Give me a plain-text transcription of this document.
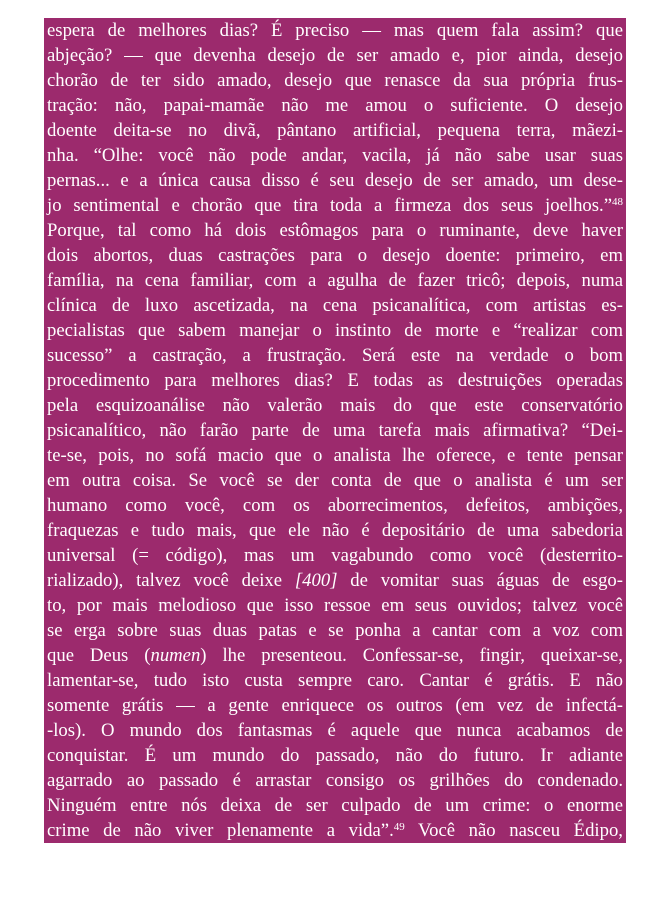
espera de melhores dias? É preciso — mas quem fala assim? que
abjeção? — que devenha desejo de ser amado e, pior ainda, desejo
chorão de ter sido amado, desejo que renasce da sua própria frus-
tração: não, papai-mamãe não me amou o suficiente. O desejo
doente deita-se no divã, pântano artificial, pequena terra, mãezi-
nha. “Olhe: você não pode andar, vacila, já não sabe usar suas
pernas... e a única causa disso é seu desejo de ser amado, um dese-
jo sentimental e chorão que tira toda a firmeza dos seus joelhos.”$^{48}$
Porque, tal como há dois estômagos para o ruminante, deve haver
dois abortos, duas castrações para o desejo doente: primeiro, em
família, na cena familiar, com a agulha de fazer tricô; depois, numa
clínica de luxo ascetizada, na cena psicanalítica, com artistas es-
pecialistas que sabem manejar o instinto de morte e “realizar com
sucesso” a castração, a frustração. Será este na verdade o bom
procedimento para melhores dias? E todas as destruições operadas
pela esquizoanálise não valerão mais do que este conservatório
psicanalítico, não farão parte de uma tarefa mais afirmativa? “Dei-
te-se, pois, no sofá macio que o analista lhe oferece, e tente pensar
em outra coisa. Se você se der conta de que o analista é um ser
humano como você, com os aborrecimentos, defeitos, ambições,
fraquezas e tudo mais, que ele não é depositário de uma sabedoria
universal (= código), mas um vagabundo como você (desterrito-
rializado), talvez você deixe [400] de vomitar suas águas de esgo-
to, por mais melodioso que isso ressoe em seus ouvidos; talvez você
se erga sobre suas duas patas e se ponha a cantar com a voz com
que Deus (numen) lhe presenteou. Confessar-se, fingir, queixar-se,
lamentar-se, tudo isto custa sempre caro. Cantar é grátis. E não
somente grátis — a gente enriquece os outros (em vez de infectá-
-los). O mundo dos fantasmas é aquele que nunca acabamos de
conquistar. É um mundo do passado, não do futuro. Ir adiante
agarrado ao passado é arrastar consigo os grilhões do condenado.
Ninguém entre nós deixa de ser culpado de um crime: o enorme
crime de não viver plenamente a vida”.$^{49}$ Você não nasceu Édipo,
